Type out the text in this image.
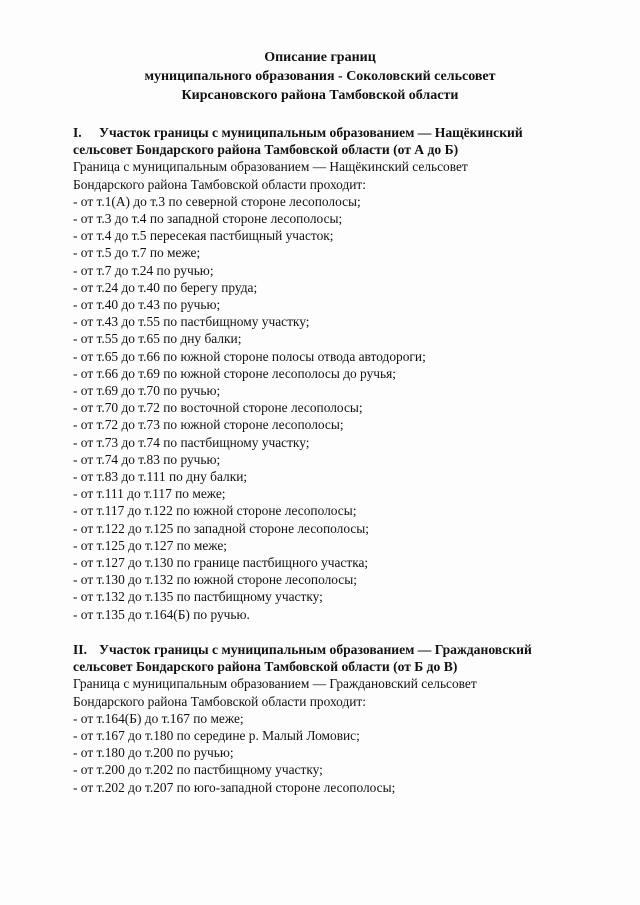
Описание границ
муниципального образования - Соколовский сельсовет
Кирсановского района Тамбовской области
I. Участок границы с муниципальным образованием — Нащёкинский
сельсовет Бондарского района Тамбовской области (от А до Б)
Граница с муниципальным образованием — Нащёкинский сельсовет
Бондарского района Тамбовской области проходит:
- от т.1(А) до т.3 по северной стороне лесополосы;
- от т.3 до т.4 по западной стороне лесополосы;
- от т.4 до т.5 пересекая пастбищный участок;
- от т.5 до т.7 по меже;
- от т.7 до т.24 по ручью;
- от т.24 до т.40 по берегу пруда;
- от т.40 до т.43 по ручью;
- от т.43 до т.55 по пастбищному участку;
- от т.55 до т.65 по дну балки;
- от т.65 до т.66 по южной стороне полосы отвода автодороги;
- от т.66 до т.69 по южной стороне лесополосы до ручья;
- от т.69 до т.70 по ручью;
- от т.70 до т.72 по восточной стороне лесополосы;
- от т.72 до т.73 по южной стороне лесополосы;
- от т.73 до т.74 по пастбищному участку;
- от т.74 до т.83 по ручью;
- от т.83 до т.111 по дну балки;
- от т.111 до т.117 по меже;
- от т.117 до т.122 по южной стороне лесополосы;
- от т.122 до т.125 по западной стороне лесополосы;
- от т.125 до т.127 по меже;
- от т.127 до т.130 по границе пастбищного участка;
- от т.130 до т.132 по южной стороне лесополосы;
- от т.132 до т.135 по пастбищному участку;
- от т.135 до т.164(Б) по ручью.
II. Участок границы с муниципальным образованием — Граждановский
сельсовет Бондарского района Тамбовской области (от Б до В)
Граница с муниципальным образованием — Граждановский сельсовет
Бондарского района Тамбовской области проходит:
- от т.164(Б) до т.167 по меже;
- от т.167 до т.180 по середине р. Малый Ломовис;
- от т.180 до т.200 по ручью;
- от т.200 до т.202 по пастбищному участку;
- от т.202 до т.207 по юго-западной стороне лесополосы;
